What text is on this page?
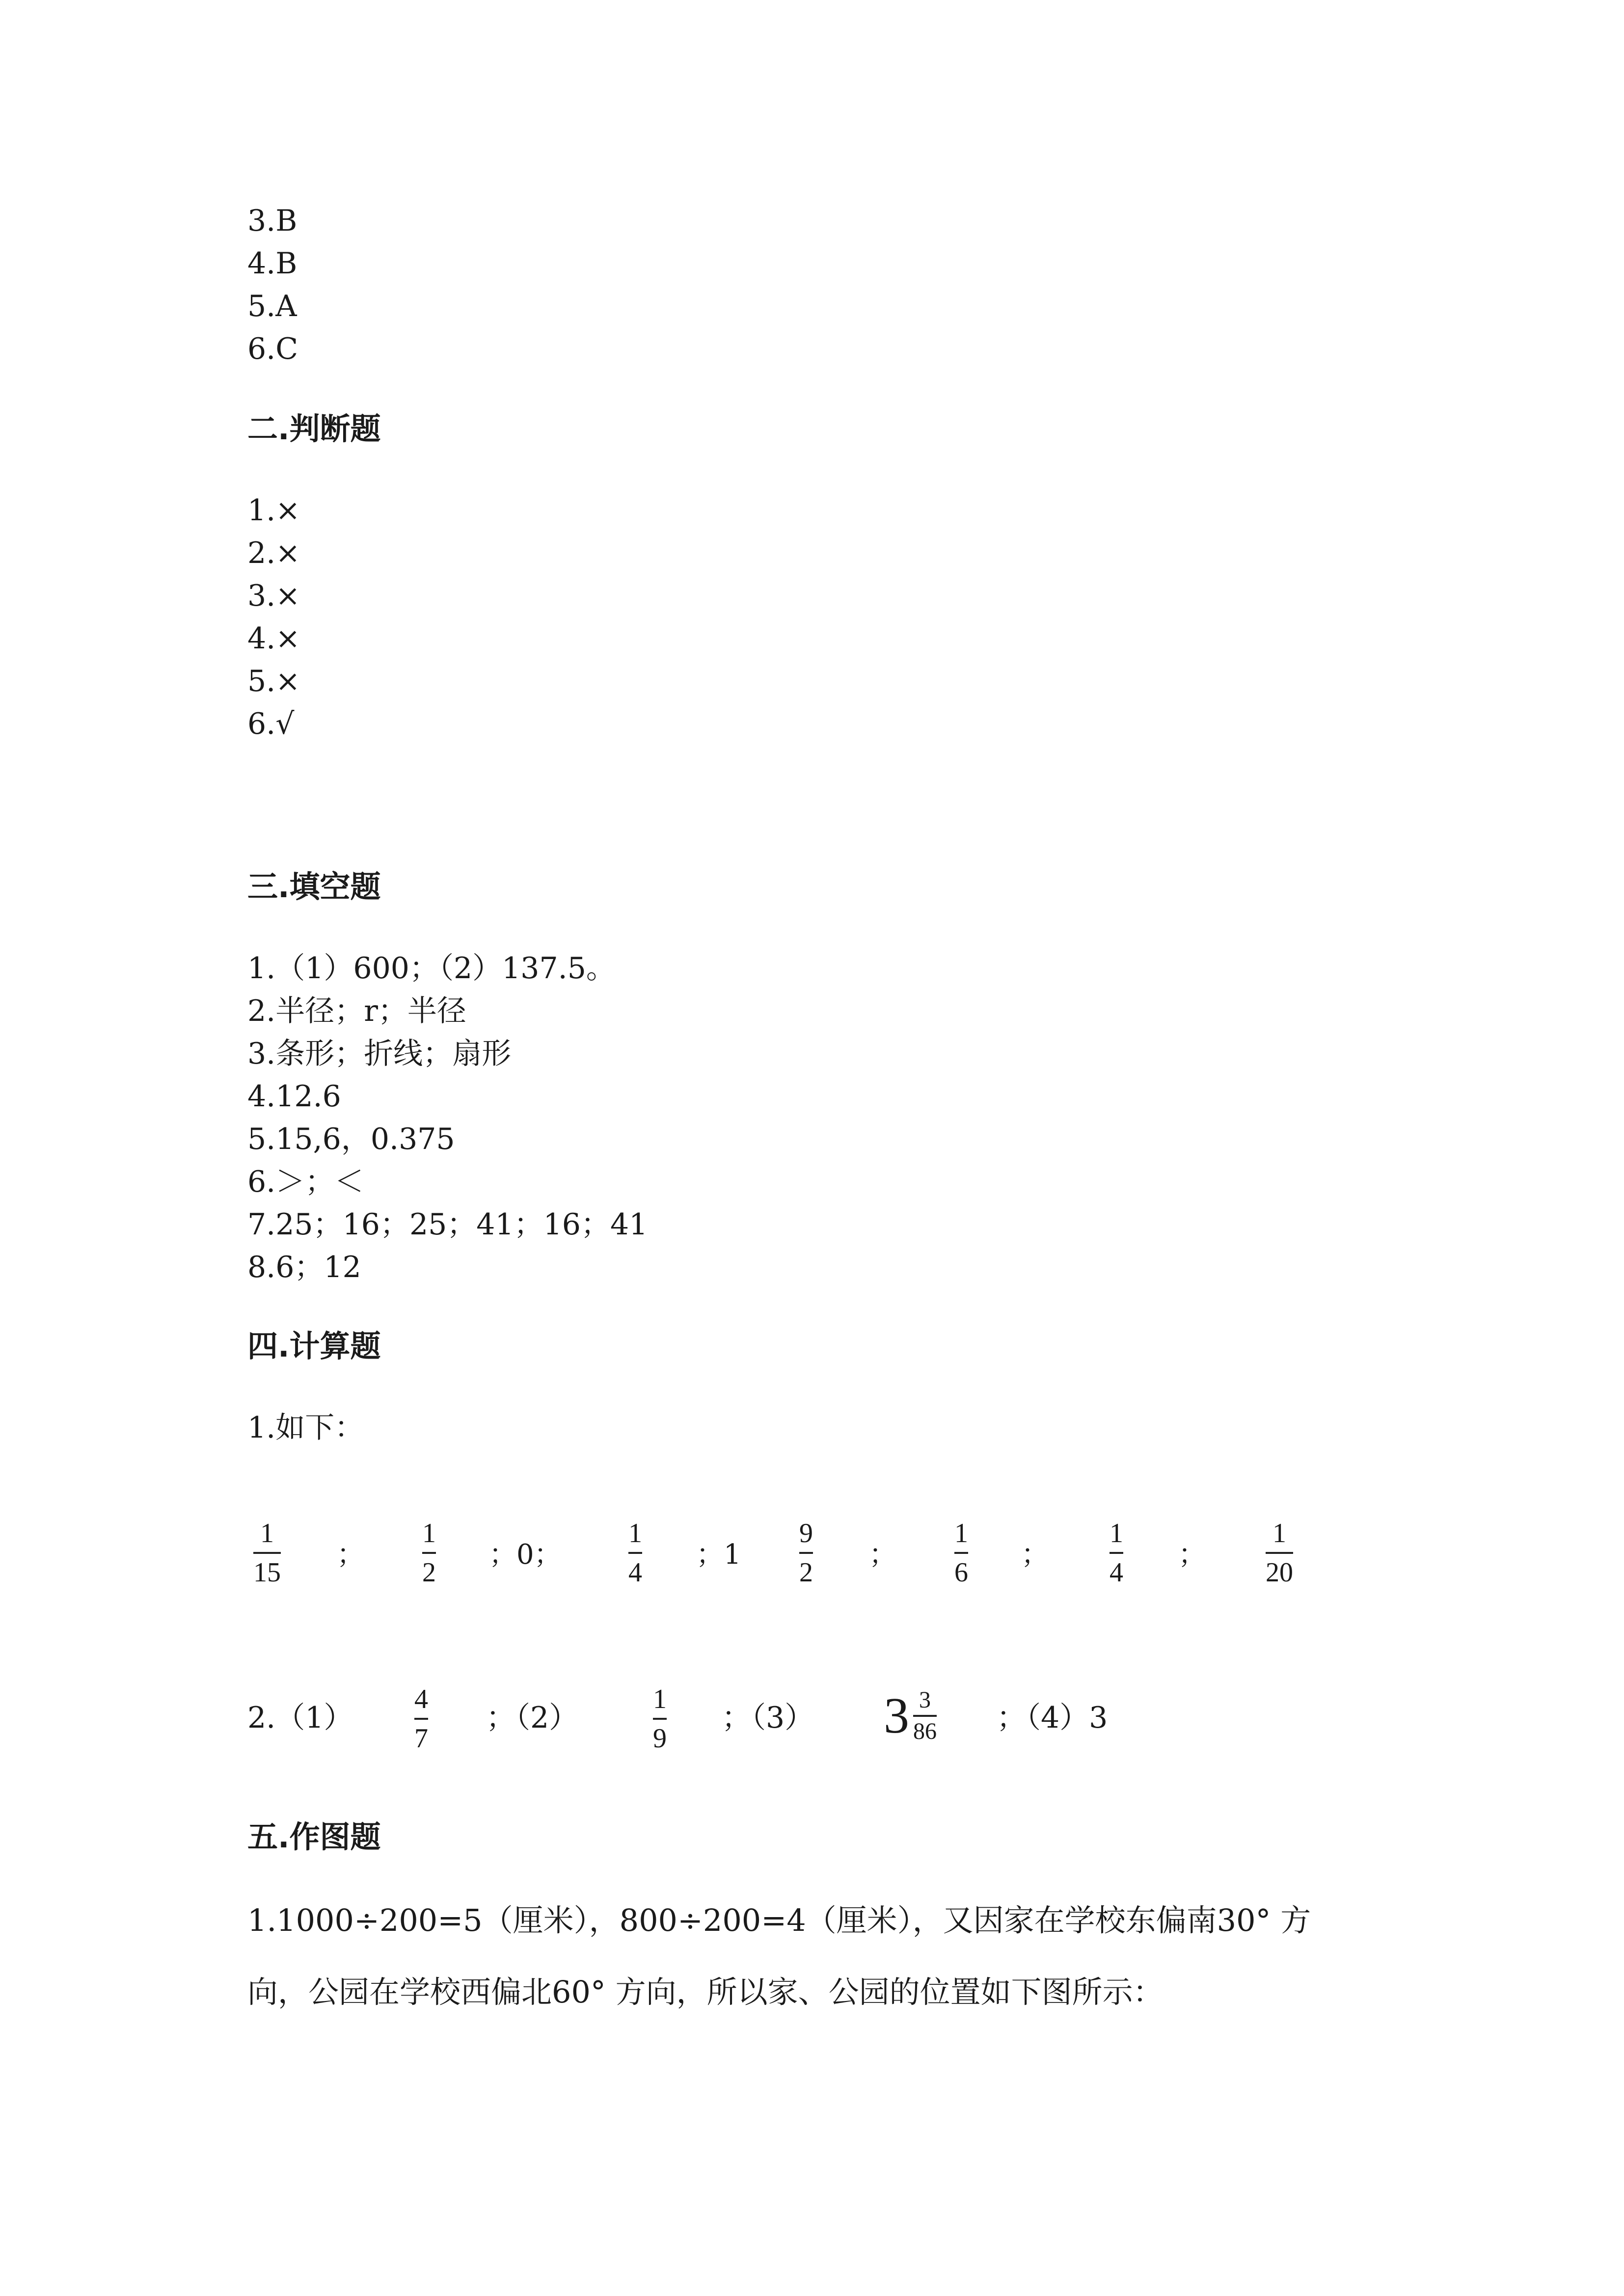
3.B
4.B
5.A
6.C
二.判断题
1.×
2.×
3.×
4.×
5.×
6.√
三.填空题
1.（1）600；（2）137.5。
2.半径；r；半径
3.条形；折线；扇形
4.12.6
5.15,6，0.375
6.＞；＜
7.25；16；25；41；16；41
8.6；12
四.计算题
1.如下：
1
15
；
1
2
；0；
1
4
；1
9
2
；
1
6
；
1
4
；
1
20
2.（1）
4
7
；（2）
1
9
；（3） $3 \frac{3}{86}$ ；（4）3
五.作图题
1.1000÷200=5（厘米），800÷200=4（厘米），又因家在学校东偏南30° 方
向，公园在学校西偏北60° 方向，所以家、公园的位置如下图所示：
